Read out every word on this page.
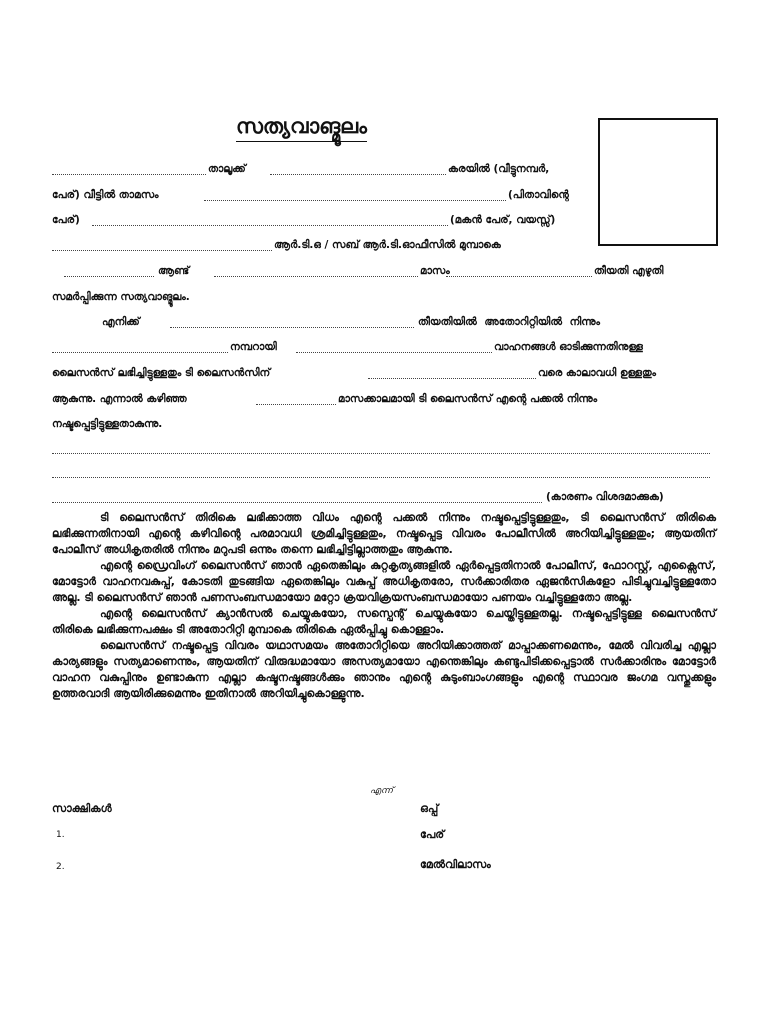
സത്യവാങ്മൂലം
താലൂക്ക്	കരയിൽ (വീട്ടുനമ്പർ,
പേര്) വീട്ടിൽ താമസം	(പിതാവിന്റെ
പേര്)	(മകൻ പേര്, വയസ്സ്)
ആർ.ടി.ഒ / സബ് ആർ.ടി.ഓഫീസിൽ മുമ്പാകെ
ആണ്ട്	മാസം	തീയതി എഴുതി
സമർപ്പിക്കുന്ന സത്യവാങ്മൂലം.
എനിക്ക്	തീയതിയിൽ അതോറിറ്റിയിൽ നിന്നും
നമ്പറായി	വാഹനങ്ങൾ ഓടിക്കുന്നതിനുള്ള
ലൈസൻസ് ലഭിച്ചിട്ടുള്ളതും ടി ലൈസൻസിന്	വരെ കാലാവധി ഉള്ളതും
ആകുന്നു. എന്നാൽ കഴിഞ്ഞ	മാസക്കാലമായി ടി ലൈസൻസ് എന്റെ പക്കൽ നിന്നും
നഷ്ടപ്പെട്ടിട്ടുള്ളതാകുന്നു.
(കാരണം വിശദമാക്കുക)

ടി ലൈസൻസ് തിരികെ ലഭിക്കാത്ത വിധം എന്റെ പക്കൽ നിന്നും നഷ്ടപ്പെട്ടിട്ടുള്ളതും, ടി ലൈസൻസ് തിരികെ ലഭിക്കുന്നതിനായി എന്റെ കഴിവിന്റെ പരമാവധി ശ്രമിച്ചിട്ടുള്ളതും, നഷ്ടപ്പെട്ട വിവരം പോലീസിൽ അറിയിച്ചിട്ടുള്ളതും; ആയതിന് പോലീസ് അധികൃതരിൽ നിന്നും മറുപടി ഒന്നും തന്നെ ലഭിച്ചിട്ടില്ലാത്തതും ആകുന്നു.

എന്റെ ഡ്രൈവിംഗ് ലൈസൻസ് ഞാൻ ഏതെങ്കിലും കുറ്റകൃത്യങ്ങളിൽ ഏർപ്പെട്ടതിനാൽ പോലീസ്, ഫോറസ്റ്റ്, എക്സൈസ്, മോട്ടോർ വാഹനവകുപ്പ്, കോടതി തുടങ്ങിയ ഏതെങ്കിലും വകുപ്പ് അധികൃതരോ, സർക്കാരിതര ഏജൻസികളോ പിടിച്ചുവച്ചിട്ടുള്ളതോ അല്ല. ടി ലൈസൻസ് ഞാൻ പണസംബന്ധമായോ മറ്റോ ക്രയവിക്രയസംബന്ധമായോ പണയം വച്ചിട്ടുള്ളതോ അല്ല.

എന്റെ ലൈസൻസ് ക്യാൻസൽ ചെയ്യുകയോ, സസ്പെന്റ് ചെയ്യുകയോ ചെയ്തിട്ടുള്ളതല്ല. നഷ്ടപ്പെട്ടിട്ടുള്ള ലൈസൻസ് തിരികെ ലഭിക്കുന്നപക്ഷം ടി അതോറിറ്റി മുമ്പാകെ തിരികെ ഏൽപ്പിച്ചു കൊള്ളാം.

ലൈസൻസ് നഷ്ടപ്പെട്ട വിവരം യഥാസമയം അതോറിറ്റിയെ അറിയിക്കാത്തത് മാപ്പാക്കണമെന്നും, മേൽ വിവരിച്ച എല്ലാ കാര്യങ്ങളും സത്യമാണെന്നും, ആയതിന് വിരുദ്ധമായോ അസത്യമായോ എന്തെങ്കിലും കണ്ടുപിടിക്കപ്പെട്ടാൽ സർക്കാരിനും മോട്ടോർ വാഹന വകുപ്പിനും ഉണ്ടാകുന്ന എല്ലാ കഷ്ടനഷ്ടങ്ങൾക്കും ഞാനും എന്റെ കുടുംബാംഗങ്ങളും എന്റെ സ്ഥാവര ജംഗമ വസ്തുക്കളും ഉത്തരവാദി ആയിരിക്കുമെന്നും ഇതിനാൽ അറിയിച്ചുകൊള്ളുന്നു.

എന്ന്
സാക്ഷികൾ	ഒപ്പ്
1.	പേര്
2.	മേൽവിലാസം
